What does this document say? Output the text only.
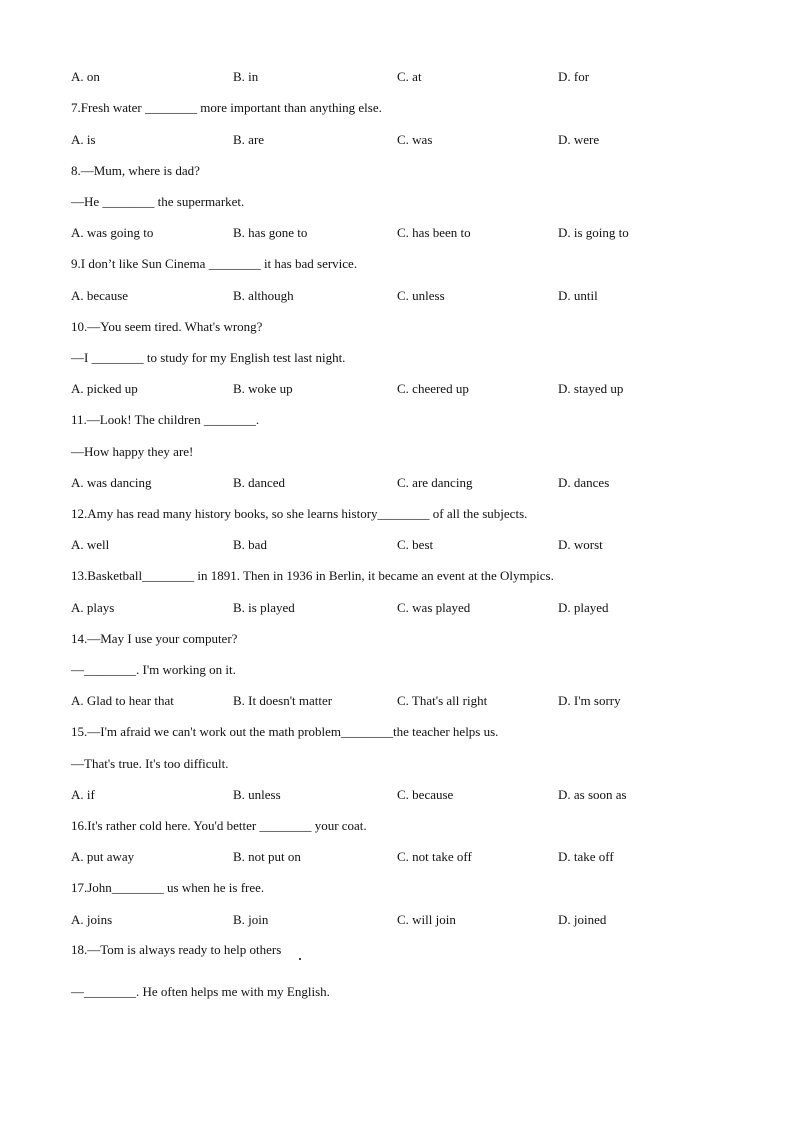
A. on	B. in	C. at	D. for
7.Fresh water ________ more important than anything else.
A. is	B. are	C. was	D. were
8.—Mum, where is dad?
—He ________ the supermarket.
A. was going to	B. has gone to	C. has been to	D. is going to
9.I don’t like Sun Cinema ________ it has bad service.
A. because	B. although	C. unless	D. until
10.—You seem tired. What's wrong?
—I ________ to study for my English test last night.
A. picked up	B. woke up	C. cheered up	D. stayed up
11.—Look! The children ________.
—How happy they are!
A. was dancing	B. danced	C. are dancing	D. dances
12.Amy has read many history books, so she learns history________ of all the subjects.
A. well	B. bad	C. best	D. worst
13.Basketball________ in 1891. Then in 1936 in Berlin, it became an event at the Olympics.
A. plays	B. is played	C. was played	D. played
14.—May I use your computer?
—________. I'm working on it.
A. Glad to hear that	B. It doesn't matter	C. That's all right	D. I'm sorry
15.—I'm afraid we can't work out the math problem________the teacher helps us.
—That's true. It's too difficult.
A. if	B. unless	C. because	D. as soon as
16.It's rather cold here. You'd better ________ your coat.
A. put away	B. not put on	C. not take off	D. take off
17.John________ us when he is free.
A. joins	B. join	C. will join	D. joined
18.—Tom is always ready to help others
—________. He often helps me with my English.
